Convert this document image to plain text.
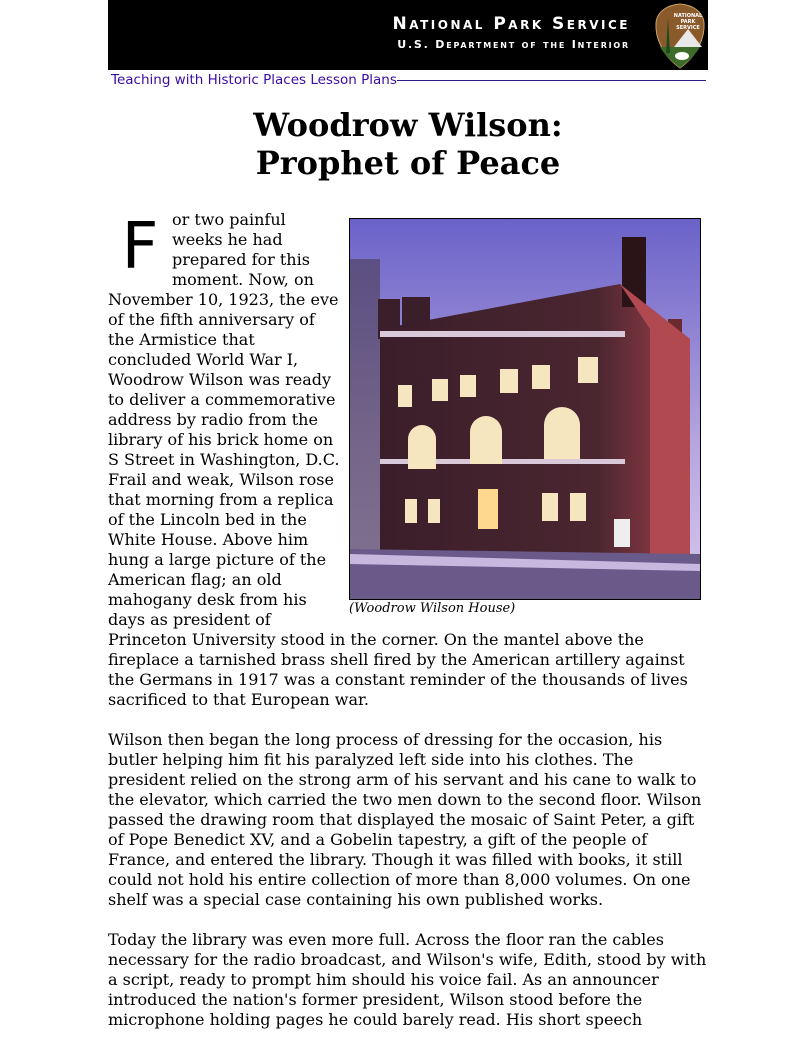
National Park Service
U.S. Department of the Interior
NATIONAL
PARK
SERVICE
Teaching with Historic Places Lesson Plans
Woodrow Wilson:
Prophet of Peace
(Woodrow Wilson House)
F or two painful weeks he had prepared for this moment. Now, on November 10, 1923, the eve of the fifth anniversary of the Armistice that concluded World War I, Woodrow Wilson was ready to deliver a commemorative address by radio from the library of his brick home on S Street in Washington, D.C. Frail and weak, Wilson rose that morning from a replica of the Lincoln bed in the White House. Above him hung a large picture of the American flag; an old mahogany desk from his days as president of Princeton University stood in the corner. On the mantel above the fireplace a tarnished brass shell fired by the American artillery against the Germans in 1917 was a constant reminder of the thousands of lives sacrificed to that European war.

Wilson then began the long process of dressing for the occasion, his butler helping him fit his paralyzed left side into his clothes. The president relied on the strong arm of his servant and his cane to walk to the elevator, which carried the two men down to the second floor. Wilson passed the drawing room that displayed the mosaic of Saint Peter, a gift of Pope Benedict XV, and a Gobelin tapestry, a gift of the people of France, and entered the library. Though it was filled with books, it still could not hold his entire collection of more than 8,000 volumes. On one shelf was a special case containing his own published works.

Today the library was even more full. Across the floor ran the cables necessary for the radio broadcast, and Wilson's wife, Edith, stood by with a script, ready to prompt him should his voice fail. As an announcer introduced the nation's former president, Wilson stood before the microphone holding pages he could barely read. His short speech
